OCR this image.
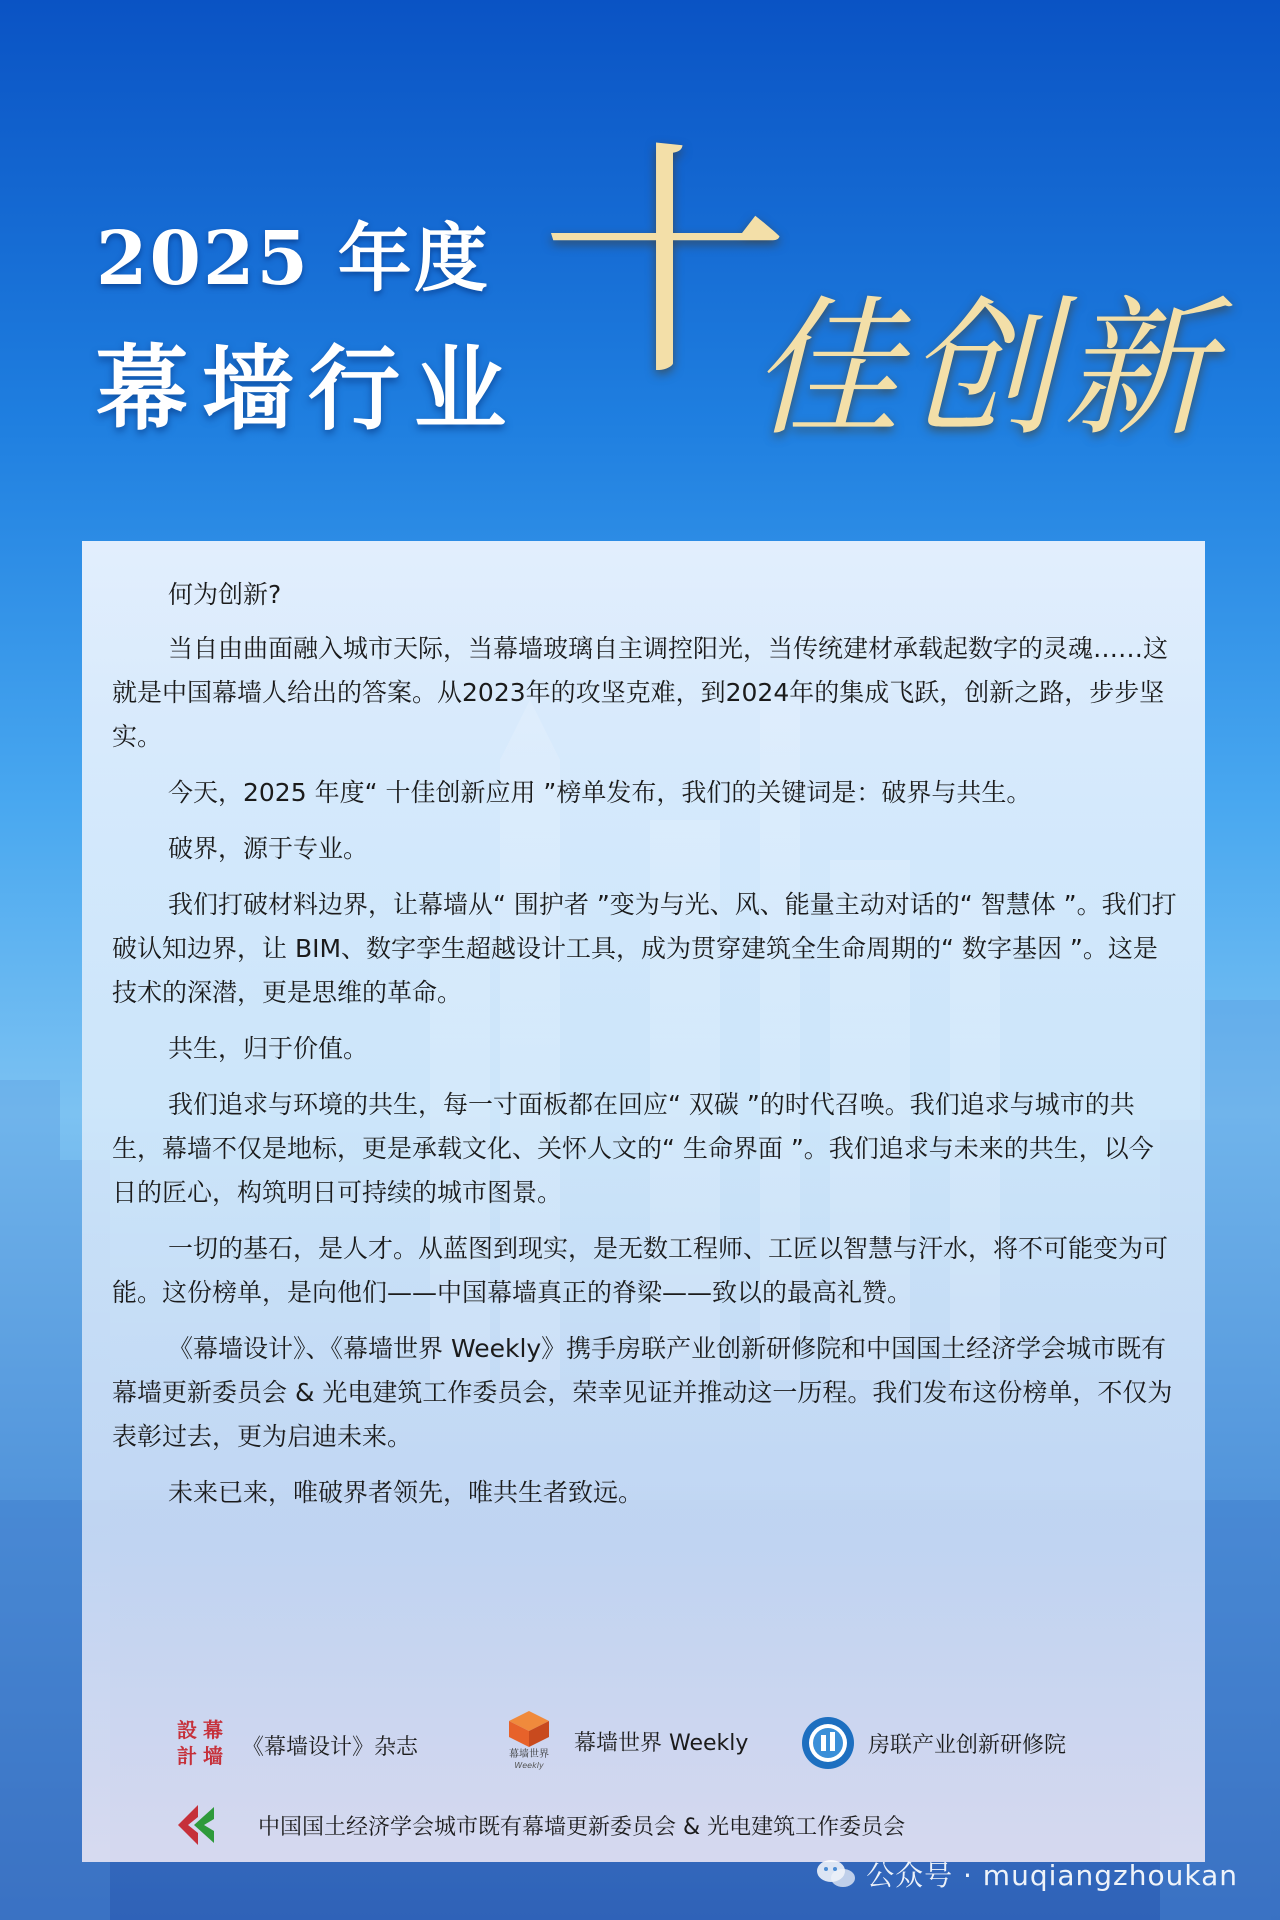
2025 年度
幕墙行业 十
佳创新

何为创新?

当自由曲面融入城市天际，当幕墙玻璃自主调控阳光，当传统建材承载起数字的灵魂……这就是中国幕墙人给出的答案。从2023年的攻坚克难，到2024年的集成飞跃，创新之路，步步坚实。

今天，2025 年度“ 十佳创新应用 ”榜单发布，我们的关键词是：破界与共生。

破界，源于专业。

我们打破材料边界，让幕墙从“ 围护者 ”变为与光、风、能量主动对话的“ 智慧体 ”。我们打破认知边界，让 BIM、数字孪生超越设计工具，成为贯穿建筑全生命周期的“ 数字基因 ”。这是技术的深潜，更是思维的革命。

共生，归于价值。

我们追求与环境的共生，每一寸面板都在回应“ 双碳 ”的时代召唤。我们追求与城市的共生，幕墙不仅是地标，更是承载文化、关怀人文的“ 生命界面 ”。我们追求与未来的共生，以今日的匠心，构筑明日可持续的城市图景。

一切的基石，是人才。从蓝图到现实，是无数工程师、工匠以智慧与汗水，将不可能变为可能。这份榜单，是向他们——中国幕墙真正的脊梁——致以的最高礼赞。

《幕墙设计》、《幕墙世界 Weekly》携手房联产业创新研修院和中国国土经济学会城市既有幕墙更新委员会 & 光电建筑工作委员会，荣幸见证并推动这一历程。我们发布这份榜单，不仅为表彰过去，更为启迪未来。

未来已来，唯破界者领先，唯共生者致远。

設 幕
計 墙 《幕墙设计》杂志	幕墙世界
Weekly
幕墙世界 Weekly	房联产业创新研修院
中国国土经济学会城市既有幕墙更新委员会 & 光电建筑工作委员会
公众号 · muqiangzhoukan
